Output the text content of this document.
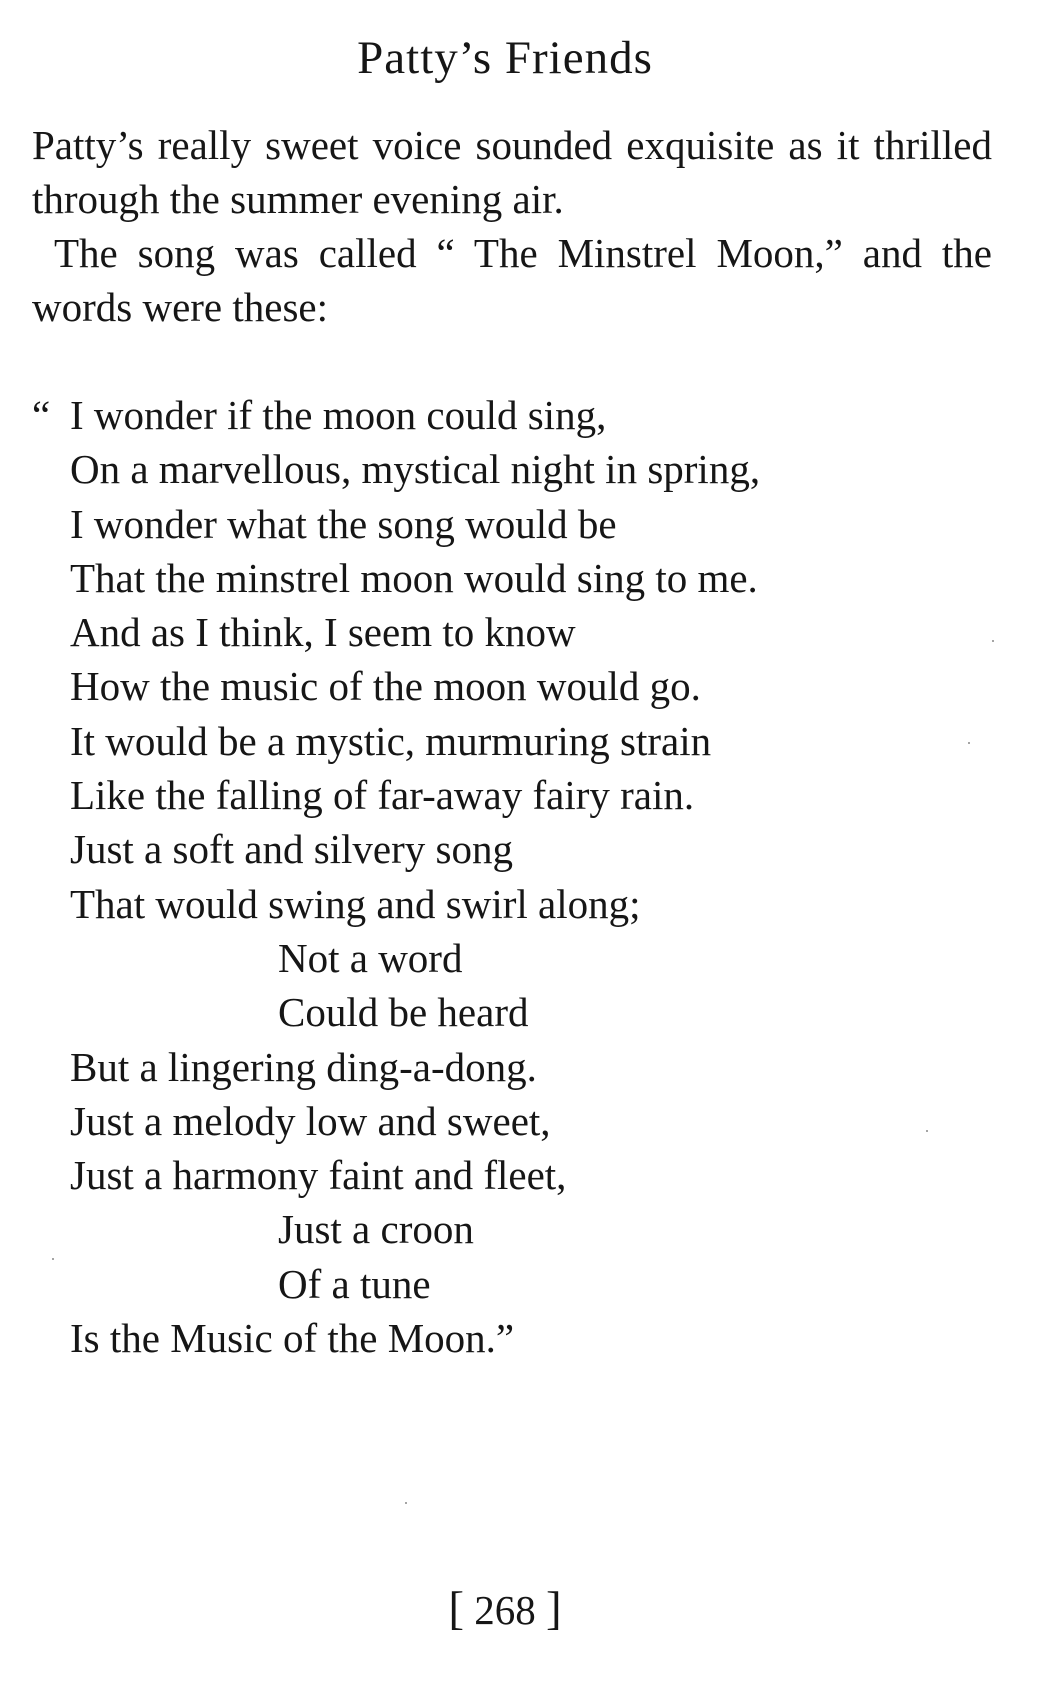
Patty’s Friends

Patty’s really sweet voice sounded exquisite as it thrilled through the summer evening air.

The song was called “ The Minstrel Moon,” and the words were these:

“ I wonder if the moon could sing,
On a marvellous, mystical night in spring,
I wonder what the song would be
That the minstrel moon would sing to me.
And as I think, I seem to know
How the music of the moon would go.
It would be a mystic, murmuring strain
Like the falling of far-away fairy rain.
Just a soft and silvery song
That would swing and swirl along;
Not a word
Could be heard
But a lingering ding-a-dong.
Just a melody low and sweet,
Just a harmony faint and fleet,
Just a croon
Of a tune
Is the Music of the Moon.”
[ 268 ]
